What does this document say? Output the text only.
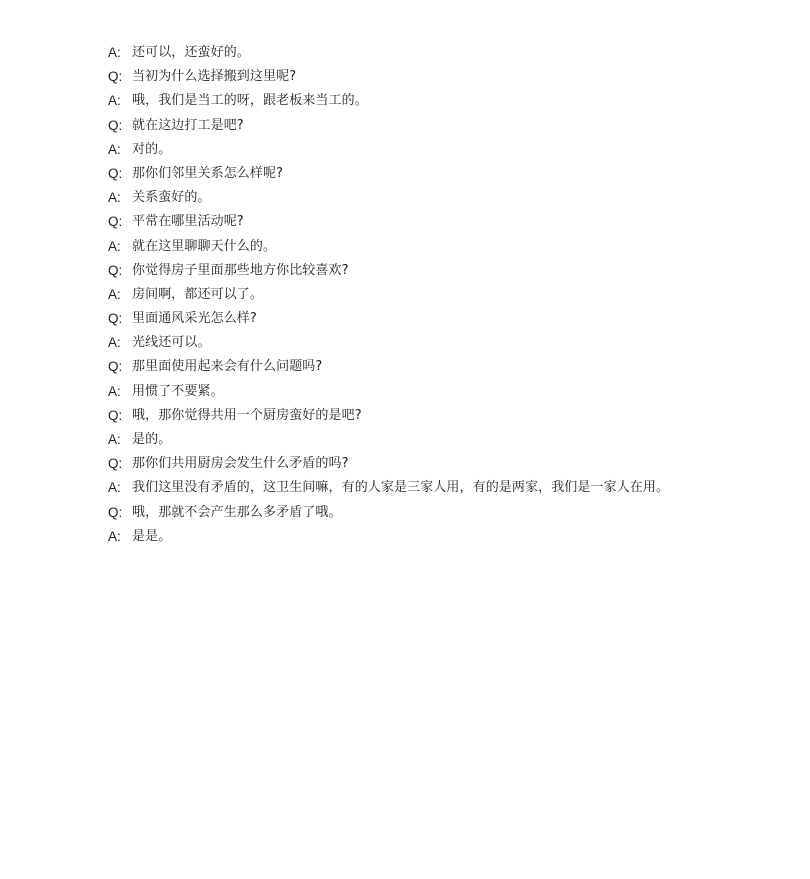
A: 还可以，还蛮好的。
Q: 当初为什么选择搬到这里呢?
A: 哦，我们是当工的呀，跟老板来当工的。
Q: 就在这边打工是吧?
A: 对的。
Q: 那你们邻里关系怎么样呢?
A: 关系蛮好的。
Q: 平常在哪里活动呢?
A: 就在这里聊聊天什么的。
Q: 你觉得房子里面那些地方你比较喜欢?
A: 房间啊，都还可以了。
Q: 里面通风采光怎么样?
A: 光线还可以。
Q: 那里面使用起来会有什么问题吗?
A: 用惯了不要紧。
Q: 哦，那你觉得共用一个厨房蛮好的是吧?
A: 是的。
Q: 那你们共用厨房会发生什么矛盾的吗?
A: 我们这里没有矛盾的，这卫生间嘛，有的人家是三家人用，有的是两家，我们是一家人在用。
Q: 哦，那就不会产生那么多矛盾了哦。
A: 是是。
